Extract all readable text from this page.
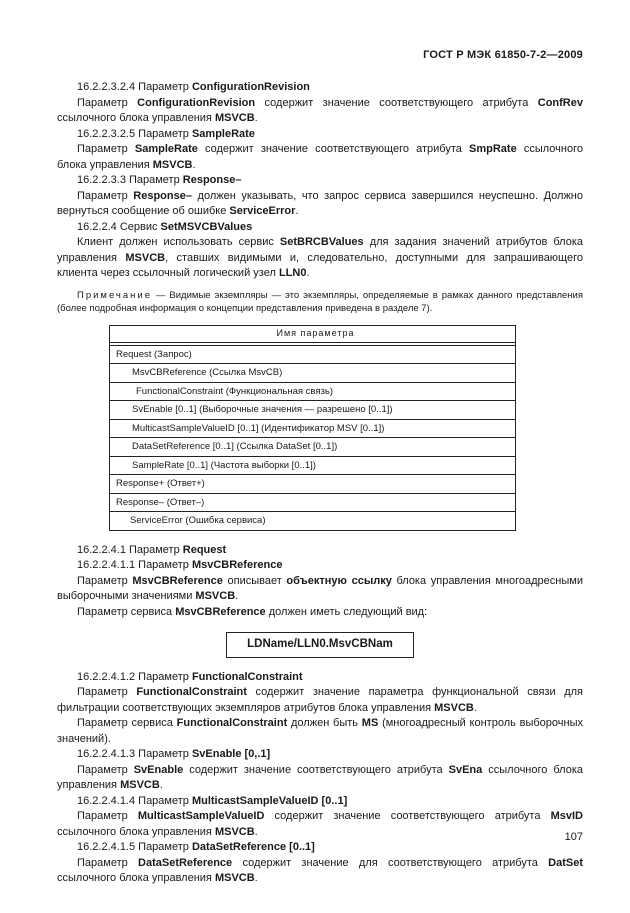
ГОСТ Р МЭК 61850-7-2—2009

16.2.2.3.2.4 Параметр ConfigurationRevision

Параметр ConfigurationRevision содержит значение соответствующего атрибута ConfRev ссылочного блока управления MSVCB.

16.2.2.3.2.5 Параметр SampleRate

Параметр SampleRate содержит значение соответствующего атрибута SmpRate ссылочного блока управления MSVCB.

16.2.2.3.3 Параметр Response–

Параметр Response– должен указывать, что запрос сервиса завершился неуспешно. Должно вернуться сообщение об ошибке ServiceError.

16.2.2.4 Сервис SetMSVCBValues

Клиент должен использовать сервис SetBRCBValues для задания значений атрибутов блока управления MSVCB, ставших видимыми и, следовательно, доступными для запрашивающего клиента через ссылочный логический узел LLN0.

Примечание — Видимые экземпляры — это экземпляры, определяемые в рамках данного представления (более подробная информация о концепции представления приведена в разделе 7).

Имя параметра

Request (Запрос)
MsvCBReference (Ссылка MsvCB)
FunctionalConstraint (Функциональная связь)
SvEnable [0..1] (Выборочные значения — разрешено [0..1])
MulticastSampleValueID [0..1] (Идентификатор MSV [0..1])
DataSetReference [0..1] (Ссылка DataSet [0..1])
SampleRate [0..1] (Частота выборки [0..1])
Response+ (Ответ+)
Response– (Ответ–)
ServiceError (Ошибка сервиса)

16.2.2.4.1 Параметр Request

16.2.2.4.1.1 Параметр MsvCBReference

Параметр MsvCBReference описывает объектную ссылку блока управления многоадресными выборочными значениями MSVCB.

Параметр сервиса MsvCBReference должен иметь следующий вид:

LDName/LLN0.MsvCBNam

16.2.2.4.1.2 Параметр FunctionalConstraint

Параметр FunctionalConstraint содержит значение параметра функциональной связи для фильтрации соответствующих экземпляров атрибутов блока управления MSVCB.

Параметр сервиса FunctionalConstraint должен быть MS (многоадресный контроль выборочных значений).

16.2.2.4.1.3 Параметр SvEnable [0,.1]

Параметр SvEnable содержит значение соответствующего атрибута SvEna ссылочного блока управления MSVCB.

16.2.2.4.1.4 Параметр MulticastSampleValueID [0..1]

Параметр MulticastSampleValueID содержит значение соответствующего атрибута MsvID ссылочного блока управления MSVCB.

16.2.2.4.1.5 Параметр DataSetReference [0..1]

Параметр DataSetReference содержит значение для соответствующего атрибута DatSet ссылочного блока управления MSVCB.

107
